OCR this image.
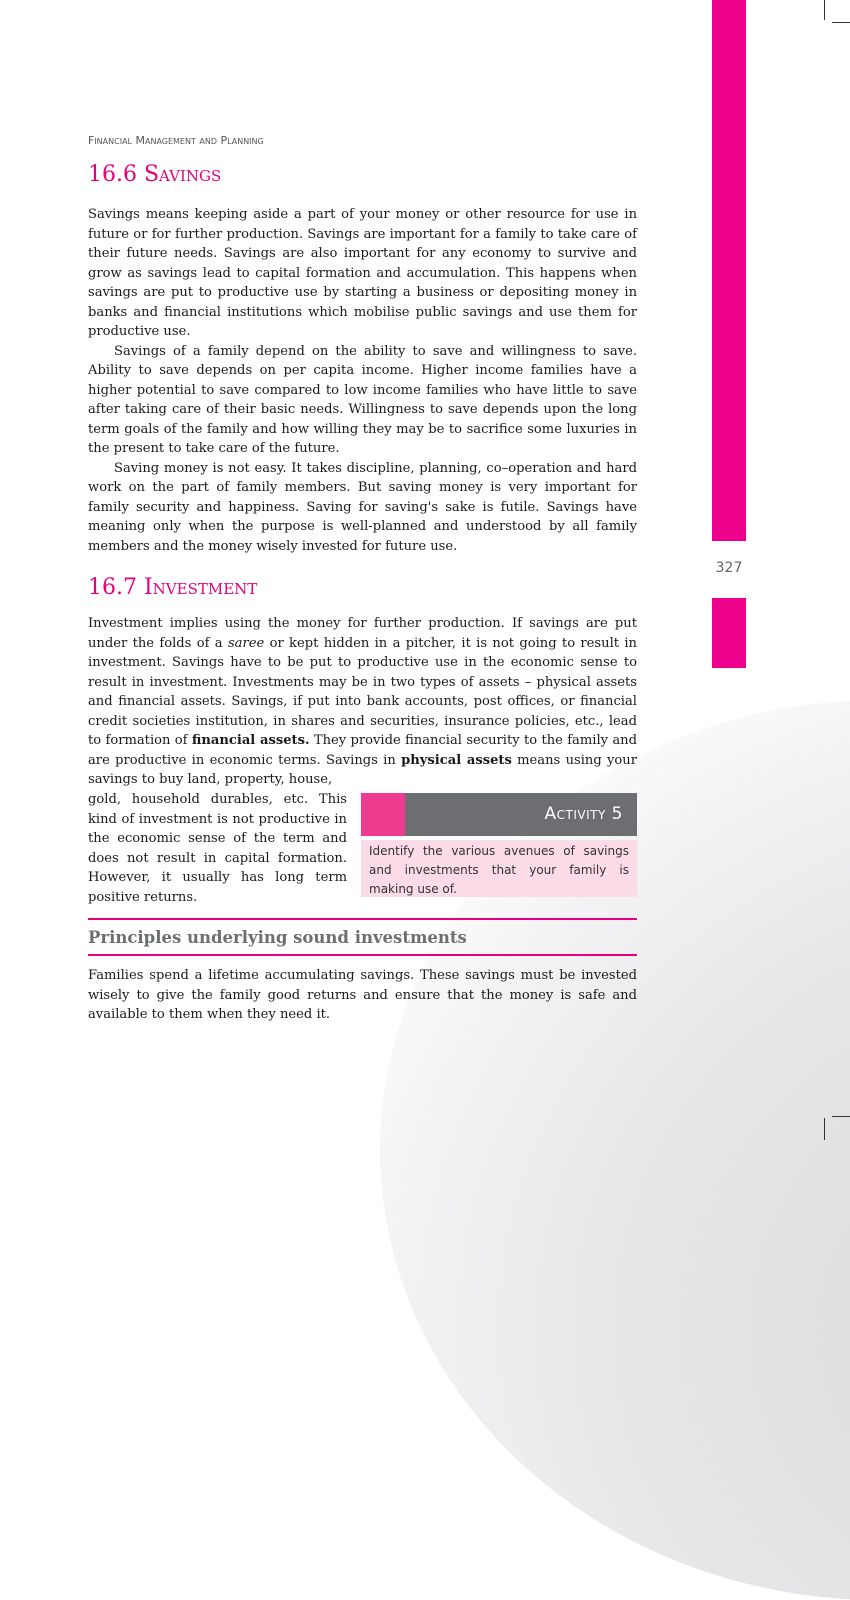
327
Financial Management and Planning
16.6 Savings

Savings means keeping aside a part of your money or other resource for use in future or for further production. Savings are important for a family to take care of their future needs. Savings are also important for any economy to survive and grow as savings lead to capital formation and accumulation. This happens when savings are put to productive use by starting a business or depositing money in banks and financial institutions which mobilise public savings and use them for productive use.

Savings of a family depend on the ability to save and willingness to save. Ability to save depends on per capita income. Higher income families have a higher potential to save compared to low income families who have little to save after taking care of their basic needs. Willingness to save depends upon the long term goals of the family and how willing they may be to sacrifice some luxuries in the present to take care of the future.

Saving money is not easy. It takes discipline, planning, co–operation and hard work on the part of family members. But saving money is very important for family security and happiness. Saving for saving's sake is futile. Savings have meaning only when the purpose is well-planned and understood by all family members and the money wisely invested for future use.

16.7 Investment

Investment implies using the money for further production. If savings are put under the folds of a saree or kept hidden in a pitcher, it is not going to result in investment. Savings have to be put to productive use in the economic sense to result in investment. Investments may be in two types of assets – physical assets and financial assets. Savings, if put into bank accounts, post offices, or financial credit societies institution, in shares and securities, insurance policies, etc., lead to formation of financial assets. They provide financial security to the family and are productive in economic terms. Savings in physical assets means using your savings to buy land, property, house,

gold, household durables, etc. This kind of investment is not productive in the economic sense of the term and does not result in capital formation. However, it usually has long term positive returns.

Activity 5
Identify the various avenues of savings and investments that your family is making use of.
Principles underlying sound investments

Families spend a lifetime accumulating savings. These savings must be invested wisely to give the family good returns and ensure that the money is safe and available to them when they need it.
